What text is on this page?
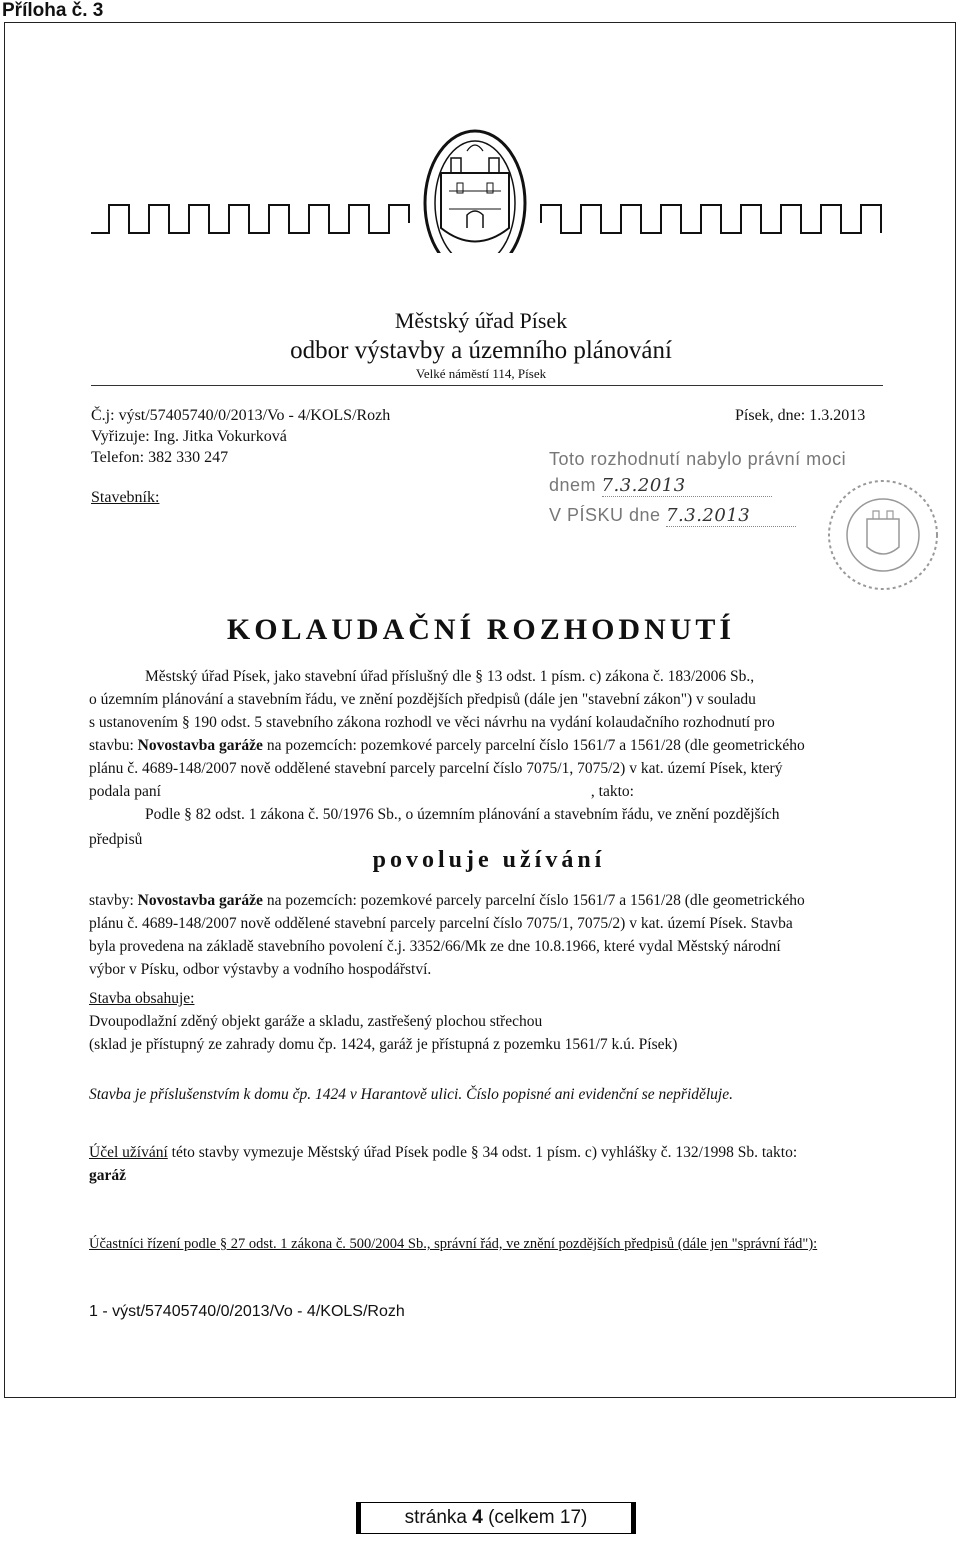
Příloha č. 3
Městský úřad Písek
odbor výstavby a územního plánování
Velké náměstí 114, Písek
Č.j: výst/57405740/0/2013/Vo - 4/KOLS/Rozh
Vyřizuje: Ing. Jitka Vokurková
Telefon: 382 330 247
Stavebník:
Písek, dne: 1.3.2013
Toto rozhodnutí nabylo právní moci
dnem 7.3.2013
V PÍSKU dne 7.3.2013
KOLAUDAČNÍ ROZHODNUTÍ
Městský úřad Písek, jako stavební úřad příslušný dle § 13 odst. 1 písm. c) zákona č. 183/2006 Sb.,
o územním plánování a stavebním řádu, ve znění pozdějších předpisů (dále jen "stavební zákon") v souladu
s ustanovením § 190 odst. 5 stavebního zákona rozhodl ve věci návrhu na vydání kolaudačního rozhodnutí pro
stavbu: Novostavba garáže na pozemcích: pozemkové parcely parcelní číslo 1561/7 a 1561/28 (dle geometrického
plánu č. 4689-148/2007 nově oddělené stavební parcely parcelní číslo 7075/1, 7075/2) v kat. území Písek, který
podala paní	, takto:
Podle § 82 odst. 1 zákona č. 50/1976 Sb., o územním plánování a stavebním řádu, ve znění pozdějších
předpisů
povoluje užívání
stavby: Novostavba garáže na pozemcích: pozemkové parcely parcelní číslo 1561/7 a 1561/28 (dle geometrického
plánu č. 4689-148/2007 nově oddělené stavební parcely parcelní číslo 7075/1, 7075/2) v kat. území Písek. Stavba
byla provedena na základě stavebního povolení č.j. 3352/66/Mk ze dne 10.8.1966, které vydal Městský národní
výbor v Písku, odbor výstavby a vodního hospodářství.
Stavba obsahuje:
Dvoupodlažní zděný objekt garáže a skladu, zastřešený plochou střechou
(sklad je přístupný ze zahrady domu čp. 1424, garáž je přístupná z pozemku 1561/7 k.ú. Písek)
Stavba je příslušenstvím k domu čp. 1424 v Harantově ulici. Číslo popisné ani evidenční se nepřiděluje.
Účel užívání této stavby vymezuje Městský úřad Písek podle § 34 odst. 1 písm. c) vyhlášky č. 132/1998 Sb. takto:
garáž
Účastníci řízení podle § 27 odst. 1 zákona č. 500/2004 Sb., správní řád, ve znění pozdějších předpisů (dále jen "správní řád"):
1 - výst/57405740/0/2013/Vo - 4/KOLS/Rozh
stránka 4 (celkem 17)
